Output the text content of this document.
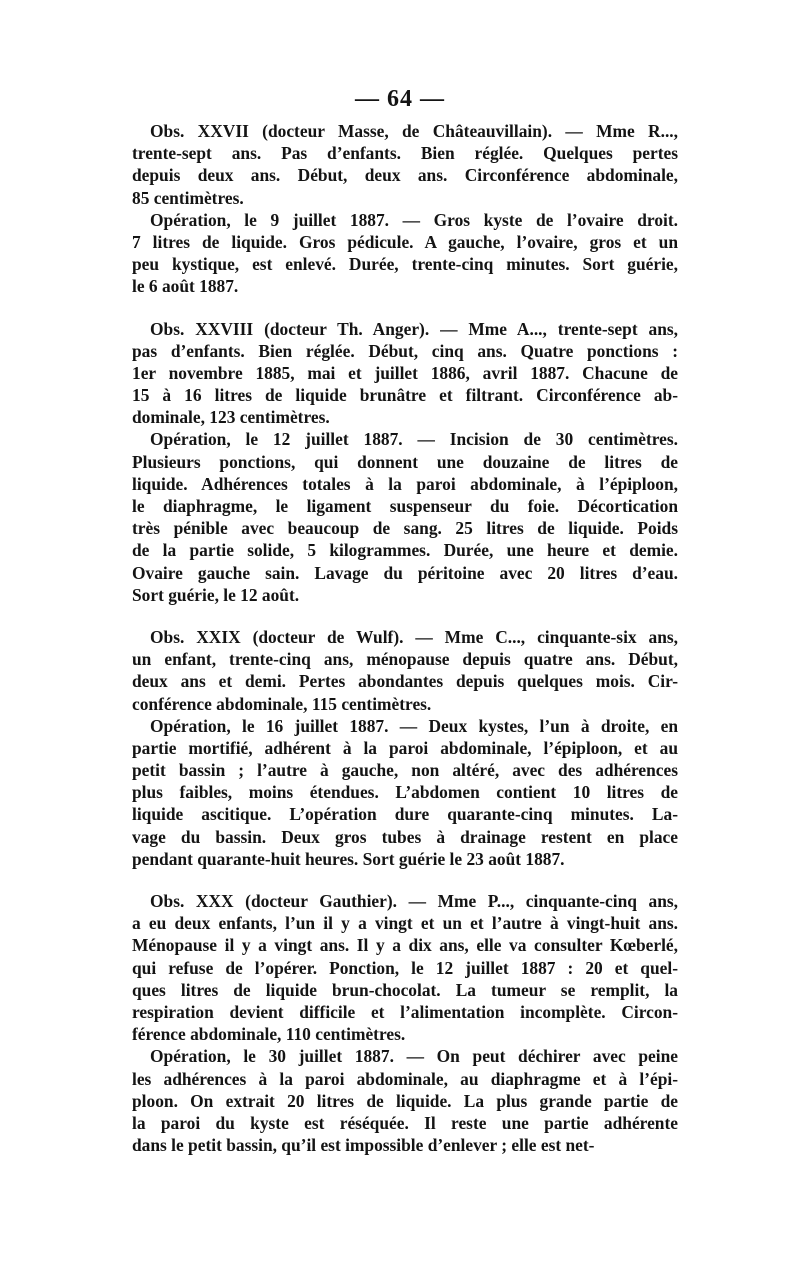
— 64 —
Obs. XXVII (docteur Masse, de Châteauvillain). — Mme R...,
trente-sept ans. Pas d’enfants. Bien réglée. Quelques pertes
depuis deux ans. Début, deux ans. Circonférence abdominale,
85 centimètres.
Opération, le 9 juillet 1887. — Gros kyste de l’ovaire droit.
7 litres de liquide. Gros pédicule. A gauche, l’ovaire, gros et un
peu kystique, est enlevé. Durée, trente-cinq minutes. Sort guérie,
le 6 août 1887.
Obs. XXVIII (docteur Th. Anger). — Mme A..., trente-sept ans,
pas d’enfants. Bien réglée. Début, cinq ans. Quatre ponctions :
1er novembre 1885, mai et juillet 1886, avril 1887. Chacune de
15 à 16 litres de liquide brunâtre et filtrant. Circonférence ab-
dominale, 123 centimètres.
Opération, le 12 juillet 1887. — Incision de 30 centimètres.
Plusieurs ponctions, qui donnent une douzaine de litres de
liquide. Adhérences totales à la paroi abdominale, à l’épiploon,
le diaphragme, le ligament suspenseur du foie. Décortication
très pénible avec beaucoup de sang. 25 litres de liquide. Poids
de la partie solide, 5 kilogrammes. Durée, une heure et demie.
Ovaire gauche sain. Lavage du péritoine avec 20 litres d’eau.
Sort guérie, le 12 août.
Obs. XXIX (docteur de Wulf). — Mme C..., cinquante-six ans,
un enfant, trente-cinq ans, ménopause depuis quatre ans. Début,
deux ans et demi. Pertes abondantes depuis quelques mois. Cir-
conférence abdominale, 115 centimètres.
Opération, le 16 juillet 1887. — Deux kystes, l’un à droite, en
partie mortifié, adhérent à la paroi abdominale, l’épiploon, et au
petit bassin ; l’autre à gauche, non altéré, avec des adhérences
plus faibles, moins étendues. L’abdomen contient 10 litres de
liquide ascitique. L’opération dure quarante-cinq minutes. La-
vage du bassin. Deux gros tubes à drainage restent en place
pendant quarante-huit heures. Sort guérie le 23 août 1887.
Obs. XXX (docteur Gauthier). — Mme P..., cinquante-cinq ans,
a eu deux enfants, l’un il y a vingt et un et l’autre à vingt-huit ans.
Ménopause il y a vingt ans. Il y a dix ans, elle va consulter Kœberlé,
qui refuse de l’opérer. Ponction, le 12 juillet 1887 : 20 et quel-
ques litres de liquide brun-chocolat. La tumeur se remplit, la
respiration devient difficile et l’alimentation incomplète. Circon-
férence abdominale, 110 centimètres.
Opération, le 30 juillet 1887. — On peut déchirer avec peine
les adhérences à la paroi abdominale, au diaphragme et à l’épi-
ploon. On extrait 20 litres de liquide. La plus grande partie de
la paroi du kyste est réséquée. Il reste une partie adhérente
dans le petit bassin, qu’il est impossible d’enlever ; elle est net-
